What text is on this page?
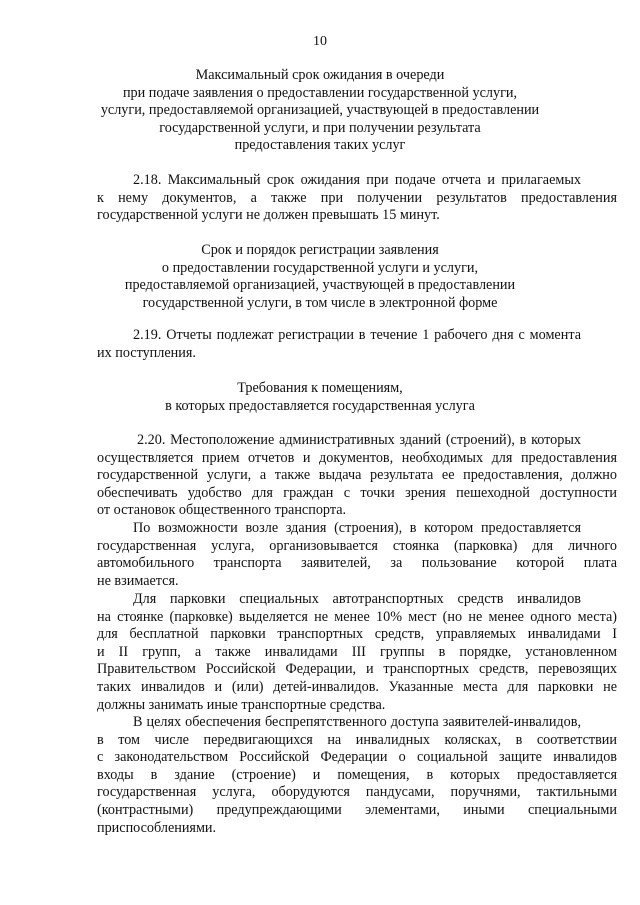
10
Максимальный срок ожидания в очереди
при подаче заявления о предоставлении государственной услуги,
услуги, предоставляемой организацией, участвующей в предоставлении
государственной услуги, и при получении результата
предоставления таких услуг
2.18. Максимальный срок ожидания при подаче отчета и прилагаемых
к нему документов, а также при получении результатов предоставления
государственной услуги не должен превышать 15 минут.
Срок и порядок регистрации заявления
о предоставлении государственной услуги и услуги,
предоставляемой организацией, участвующей в предоставлении
государственной услуги, в том числе в электронной форме
2.19. Отчеты подлежат регистрации в течение 1 рабочего дня с момента
их поступления.
Требования к помещениям,
в которых предоставляется государственная услуга
2.20. Местоположение административных зданий (строений), в которых
осуществляется прием отчетов и документов, необходимых для предоставления
государственной услуги, а также выдача результата ее предоставления, должно
обеспечивать удобство для граждан с точки зрения пешеходной доступности
от остановок общественного транспорта.
По возможности возле здания (строения), в котором предоставляется
государственная услуга, организовывается стоянка (парковка) для личного
автомобильного транспорта заявителей, за пользование которой плата
не взимается.
Для парковки специальных автотранспортных средств инвалидов
на стоянке (парковке) выделяется не менее 10% мест (но не менее одного места)
для бесплатной парковки транспортных средств, управляемых инвалидами I
и II групп, а также инвалидами III группы в порядке, установленном
Правительством Российской Федерации, и транспортных средств, перевозящих
таких инвалидов и (или) детей-инвалидов. Указанные места для парковки не
должны занимать иные транспортные средства.
В целях обеспечения беспрепятственного доступа заявителей-инвалидов,
в том числе передвигающихся на инвалидных колясках, в соответствии
с законодательством Российской Федерации о социальной защите инвалидов
входы в здание (строение) и помещения, в которых предоставляется
государственная услуга, оборудуются пандусами, поручнями, тактильными
(контрастными) предупреждающими элементами, иными специальными
приспособлениями.
